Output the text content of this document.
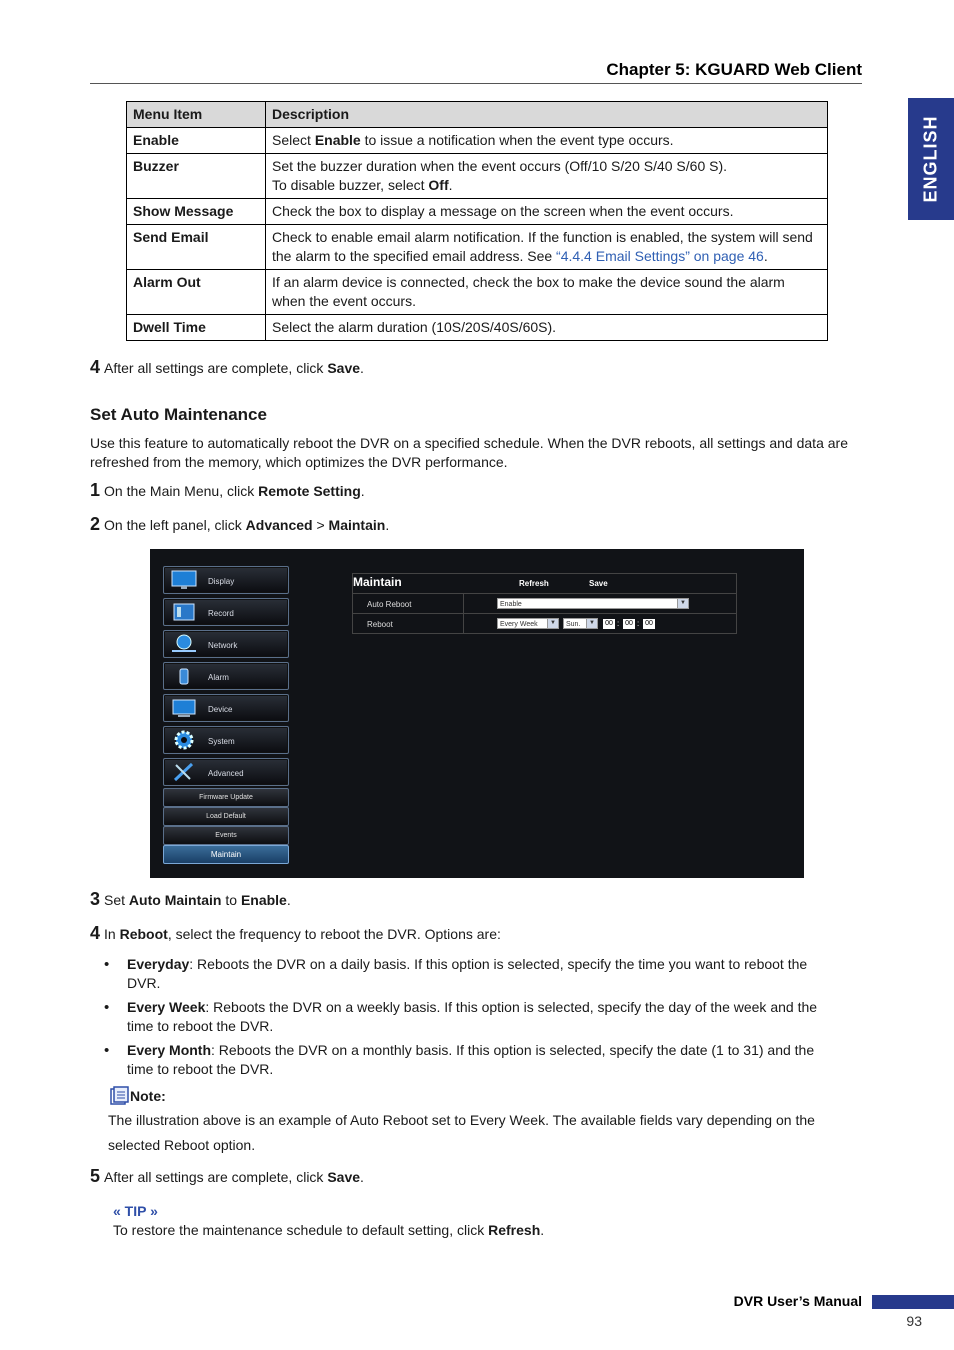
Chapter 5: KGUARD Web Client
ENGLISH
Menu Item	Description
Enable	Select Enable to issue a notification when the event type occurs.
Buzzer	Set the buzzer duration when the event occurs (Off/10 S/20 S/40 S/60 S).
To disable buzzer, select Off.
Show Message	Check the box to display a message on the screen when the event occurs.
Send Email	Check to enable email alarm notification. If the function is enabled, the system will send the alarm to the specified email address. See “4.4.4 Email Settings” on page 46.
Alarm Out	If an alarm device is connected, check the box to make the device sound the alarm when the event occurs.
Dwell Time	Select the alarm duration (10S/20S/40S/60S).

4 After all settings are complete, click Save.

Set Auto Maintenance

Use this feature to automatically reboot the DVR on a specified schedule. When the DVR reboots, all settings and data are refreshed from the memory, which optimizes the DVR performance.

1 On the Main Menu, click Remote Setting.

2 On the left panel, click Advanced > Maintain.

Display
Record
Network
Alarm
Device
System
Advanced
Firmware Update
Load Default
Events
Maintain
Maintain	Refresh	Save
Auto Reboot	Enable	▼
Reboot	Every Week	▼	Sun.	▼ 00 : 00 : 00

3 Set Auto Maintain to Enable.

4 In Reboot, select the frequency to reboot the DVR. Options are:

• Everyday: Reboots the DVR on a daily basis. If this option is selected, specify the time you want to reboot the DVR.
• Every Week: Reboots the DVR on a weekly basis. If this option is selected, specify the day of the week and the time to reboot the DVR.
• Every Month: Reboots the DVR on a monthly basis. If this option is selected, specify the date (1 to 31) and the time to reboot the DVR.
Note:

The illustration above is an example of Auto Reboot set to Every Week. The available fields vary depending on the selected Reboot option.

5 After all settings are complete, click Save.

« TIP »

To restore the maintenance schedule to default setting, click Refresh.

DVR User’s Manual
93
